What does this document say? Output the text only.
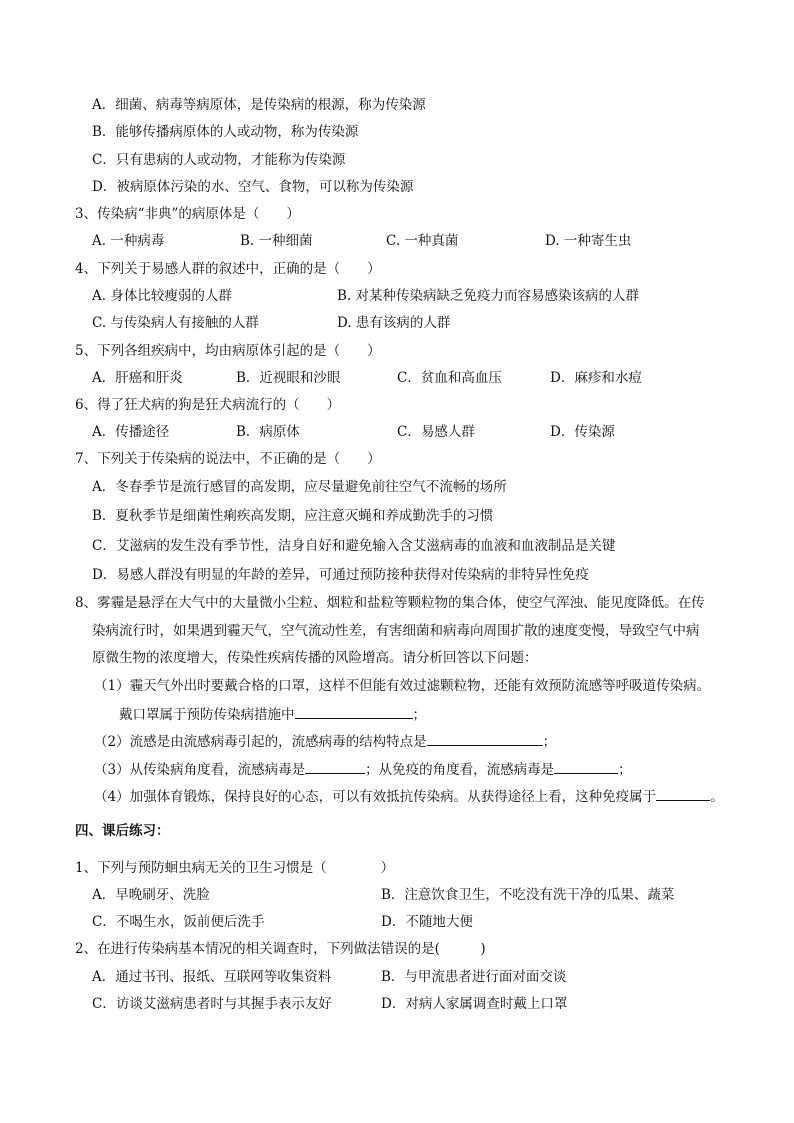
A．细菌、病毒等病原体，是传染病的根源，称为传染源
B．能够传播病原体的人或动物，称为传染源
C．只有患病的人或动物，才能称为传染源
D．被病原体污染的水、空气、食物，可以称为传染源
3、传染病“非典”的病原体是（　　）
A. 一种病毒	B. 一种细菌	C. 一种真菌	D. 一种寄生虫
4、下列关于易感人群的叙述中，正确的是（　　）
A. 身体比较瘦弱的人群	B. 对某种传染病缺乏免疫力而容易感染该病的人群
C. 与传染病人有接触的人群	D. 患有该病的人群
5、下列各组疾病中，均由病原体引起的是（　　）
A．肝癌和肝炎	B．近视眼和沙眼	C．贫血和高血压	D．麻疹和水痘
6、得了狂犬病的狗是狂犬病流行的（　　）
A．传播途径	B．病原体	C．易感人群	D．传染源
7、下列关于传染病的说法中，不正确的是（　　）
A．冬春季节是流行感冒的高发期，应尽量避免前往空气不流畅的场所
B．夏秋季节是细菌性痢疾高发期，应注意灭蝇和养成勤洗手的习惯
C．艾滋病的发生没有季节性，洁身自好和避免输入含艾滋病毒的血液和血液制品是关键
D．易感人群没有明显的年龄的差异，可通过预防接种获得对传染病的非特异性免疫
8、雾霾是悬浮在大气中的大量微小尘粒、烟粒和盐粒等颗粒物的集合体，使空气浑浊、能见度降低。在传
染病流行时，如果遇到霾天气，空气流动性差，有害细菌和病毒向周围扩散的速度变慢，导致空气中病
原微生物的浓度增大，传染性疾病传播的风险增高。请分析回答以下问题：
（1）霾天气外出时要戴合格的口罩，这样不但能有效过滤颗粒物，还能有效预防流感等呼吸道传染病。
戴口罩属于预防传染病措施中	；
（2）流感是由流感病毒引起的，流感病毒的结构特点是	；
（3）从传染病角度看，流感病毒是	；从免疫的角度看，流感病毒是	；
（4）加强体育锻炼，保持良好的心态，可以有效抵抗传染病。从获得途径上看，这种免疫属于	。
四、课后练习：
1、下列与预防蛔虫病无关的卫生习惯是（　　　　）
A．早晚刷牙、洗脸	B．注意饮食卫生，不吃没有洗干净的瓜果、蔬菜
C．不喝生水，饭前便后洗手	D．不随地大便
2、在进行传染病基本情况的相关调查时，下列做法错误的是(　　　)
A．通过书刊、报纸、互联网等收集资料	B．与甲流患者进行面对面交谈
C．访谈艾滋病患者时与其握手表示友好	D．对病人家属调查时戴上口罩
